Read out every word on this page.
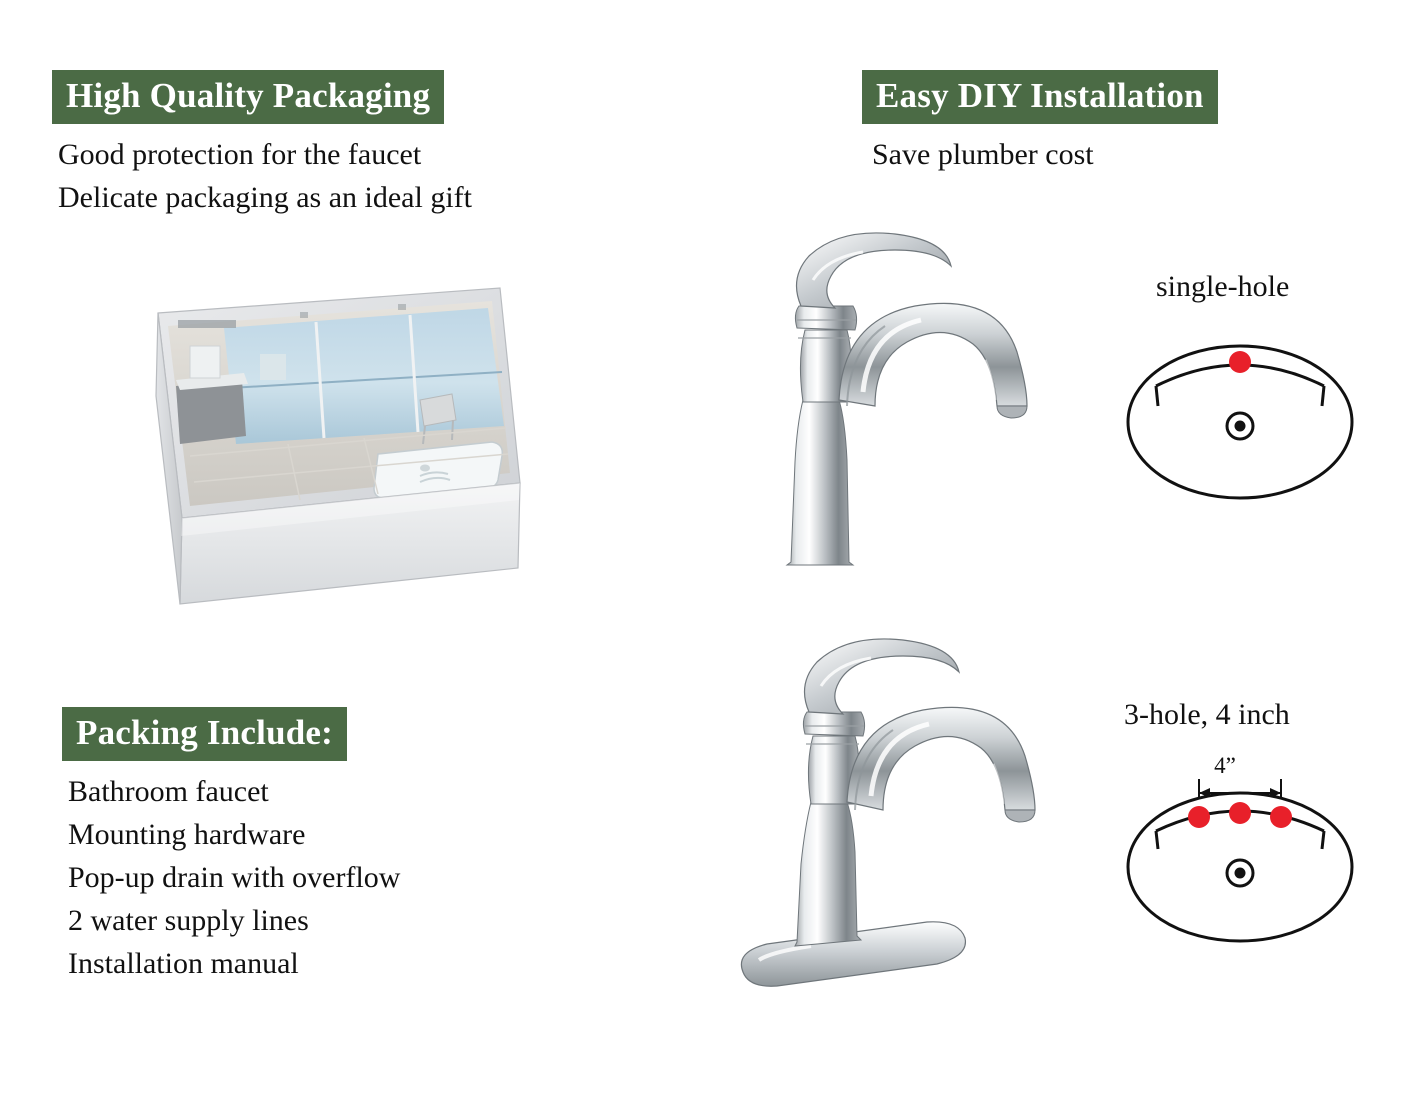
High Quality Packaging
Good protection for the faucet
Delicate packaging as an ideal gift
Easy DIY Installation
Save plumber cost
Packing Include:
Bathroom faucet
Mounting hardware
Pop-up drain with overflow
2 water supply lines
Installation manual
single-hole
3-hole, 4 inch
4”
